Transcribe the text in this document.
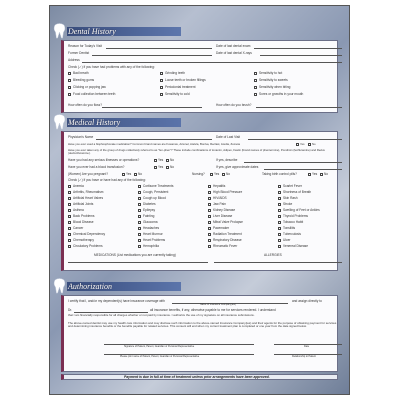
Dental History
Reason for Today's Visit	Date of last dental exam
Former Dentist	Date of last dental X-rays
Address
Check (✓) if you have had problems with any of the following:
Bad breath
Bleeding gums
Clicking or popping jaw
Food collection between teeth
Grinding teeth
Loose teeth or broken fillings
Periodontal treatment
Sensitivity to cold
Sensitivity to hot
Sensitivity to sweets
Sensitivity when biting
Sores or growths in your mouth
How often do you floss?	How often do you brush?
Medical History
Physician's Name	Date of Last Visit
Have you ever used a bisphosphonate medication? Common brand names are Fosamax, Actonel, Atelvia, Boniva, Reclast, Aredia, Zometa	Yes	No
Have you ever taken any of the group of drugs collectively referred to as "fen-phen"? These include combinations of Ionamin, Adipex, Fastin (brand names of phentermine), Pondimin (fenfluramine) and Redux (dexfenfluramine).
Have you had any serious illnesses or operations?	Yes No	If yes, describe
Have you ever had a blood transfusion?	Yes No	If yes, give approximate dates
(Women) Are you pregnant?	Yes No	Nursing?	Yes No	Taking birth control pills?	Yes No
Check (✓) if you have or have had any of the following:
Anemia
Arthritis, Rheumatism
Artificial Heart Valves
Artificial Joints
Asthma
Back Problems
Blood Disease
Cancer
Chemical Dependency
Chemotherapy
Circulatory Problems
Cortisone Treatments
Cough, Persistent
Cough up Blood
Diabetes
Epilepsy
Fainting
Glaucoma
Headaches
Heart Murmur
Heart Problems
Hemophilia
Hepatitis
High Blood Pressure
HIV/AIDS
Jaw Pain
Kidney Disease
Liver Disease
Mitral Valve Prolapse
Pacemaker
Radiation Treatment
Respiratory Disease
Rheumatic Fever
Scarlet Fever
Shortness of Breath
Skin Rash
Stroke
Swelling of Feet or Ankles
Thyroid Problems
Tobacco Habit
Tonsilitis
Tuberculosis
Ulcer
Venereal Disease
MEDICATIONS (List medications you are currently taking)	ALLERGIES
Authorization
I certify that I, and/or my dependent(s) have insurance coverage with	and assign directly to
Name of Insurance Company(ies)
Dr.	all insurance benefits, if any, otherwise payable to me for services rendered. I understand
that I am financially responsible for all charges whether or not paid by insurance. I authorize the use of my signature on all insurance submissions.
The above-named dentist may use my health care information and may disclose such information to the above-named Insurance Company(ies) and their agents for the purpose of obtaining payment for services and determining insurance benefits or the benefits payable for related services. This consent will end when my current treatment plan is completed or one year from the date signed below.
Signature of Patient, Parent, Guardian or Personal Representative	Date
Please print name of Patient, Parent, Guardian or Personal Representative	Relationship to Patient
Payment is due in full at time of treatment unless prior arrangements have been approved.
